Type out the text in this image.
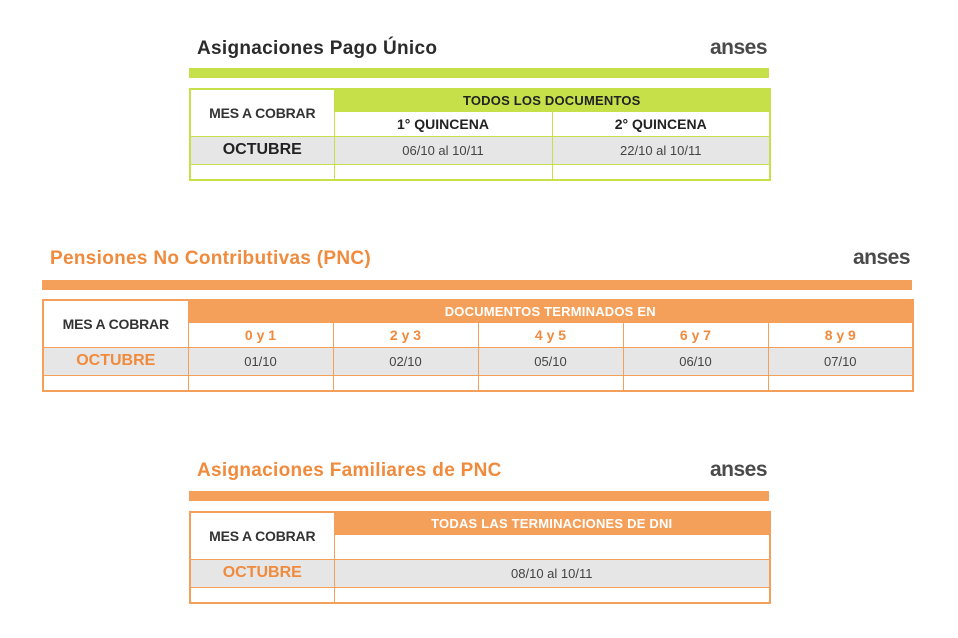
Asignaciones Pago Único	anses
MES A COBRAR	TODOS LOS DOCUMENTOS	
	1° QUINCENA	2° QUINCENA
OCTUBRE	06/10 al 10/11	22/10 al 10/11

Pensiones No Contributivas (PNC)	anses
MES A COBRAR	DOCUMENTOS TERMINADOS EN				
	0 y 1	2 y 3	4 y 5	6 y 7	8 y 9
OCTUBRE	01/10	02/10	05/10	06/10	07/10

Asignaciones Familiares de PNC	anses
MES A COBRAR	TODAS LAS TERMINACIONES DE DNI

OCTUBRE	08/10 al 10/11
